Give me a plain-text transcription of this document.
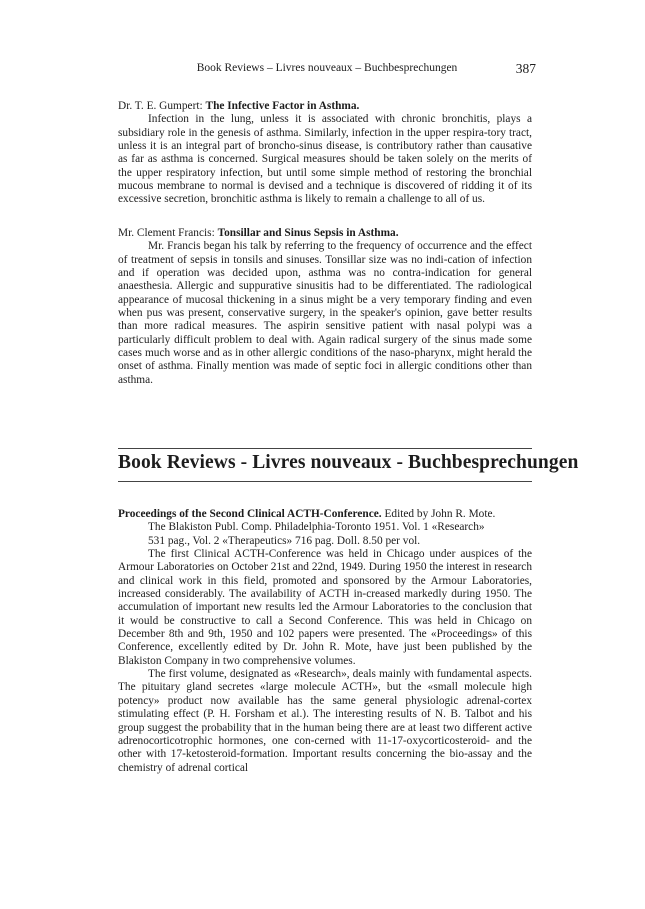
Book Reviews – Livres nouveaux – Buchbesprechungen	387
Dr. T. E. Gumpert: The Infective Factor in Asthma.

Infection in the lung, unless it is associated with chronic bronchitis, plays a subsidiary role in the genesis of asthma. Similarly, infection in the upper respira-tory tract, unless it is an integral part of broncho-sinus disease, is contributory rather than causative as far as asthma is concerned. Surgical measures should be taken solely on the merits of the upper respiratory infection, but until some simple method of restoring the bronchial mucous membrane to normal is devised and a technique is discovered of ridding it of its excessive secretion, bronchitic asthma is likely to remain a challenge to all of us.

Mr. Clement Francis: Tonsillar and Sinus Sepsis in Asthma.

Mr. Francis began his talk by referring to the frequency of occurrence and the effect of treatment of sepsis in tonsils and sinuses. Tonsillar size was no indi-cation of infection and if operation was decided upon, asthma was no contra-indication for general anaesthesia. Allergic and suppurative sinusitis had to be differentiated. The radiological appearance of mucosal thickening in a sinus might be a very temporary finding and even when pus was present, conservative surgery, in the speaker's opinion, gave better results than more radical measures. The aspirin sensitive patient with nasal polypi was a particularly difficult problem to deal with. Again radical surgery of the sinus made some cases much worse and as in other allergic conditions of the naso-pharynx, might herald the onset of asthma. Finally mention was made of septic foci in allergic conditions other than asthma.

Book Reviews - Livres nouveaux - Buchbesprechungen
Proceedings of the Second Clinical ACTH-Conference. Edited by John R. Mote.

The Blakiston Publ. Comp. Philadelphia-Toronto 1951. Vol. 1 «Research»

531 pag., Vol. 2 «Therapeutics» 716 pag. Doll. 8.50 per vol.

The first Clinical ACTH-Conference was held in Chicago under auspices of the Armour Laboratories on October 21st and 22nd, 1949. During 1950 the interest in research and clinical work in this field, promoted and sponsored by the Armour Laboratories, increased considerably. The availability of ACTH in-creased markedly during 1950. The accumulation of important new results led the Armour Laboratories to the conclusion that it would be constructive to call a Second Conference. This was held in Chicago on December 8th and 9th, 1950 and 102 papers were presented. The «Proceedings» of this Conference, excellently edited by Dr. John R. Mote, have just been published by the Blakiston Company in two comprehensive volumes.

The first volume, designated as «Research», deals mainly with fundamental aspects. The pituitary gland secretes «large molecule ACTH», but the «small molecule high potency» product now available has the same general physiologic adrenal-cortex stimulating effect (P. H. Forsham et al.). The interesting results of N. B. Talbot and his group suggest the probability that in the human being there are at least two different active adrenocorticotrophic hormones, one con-cerned with 11-17-oxycorticosteroid- and the other with 17-ketosteroid-formation. Important results concerning the bio-assay and the chemistry of adrenal cortical
